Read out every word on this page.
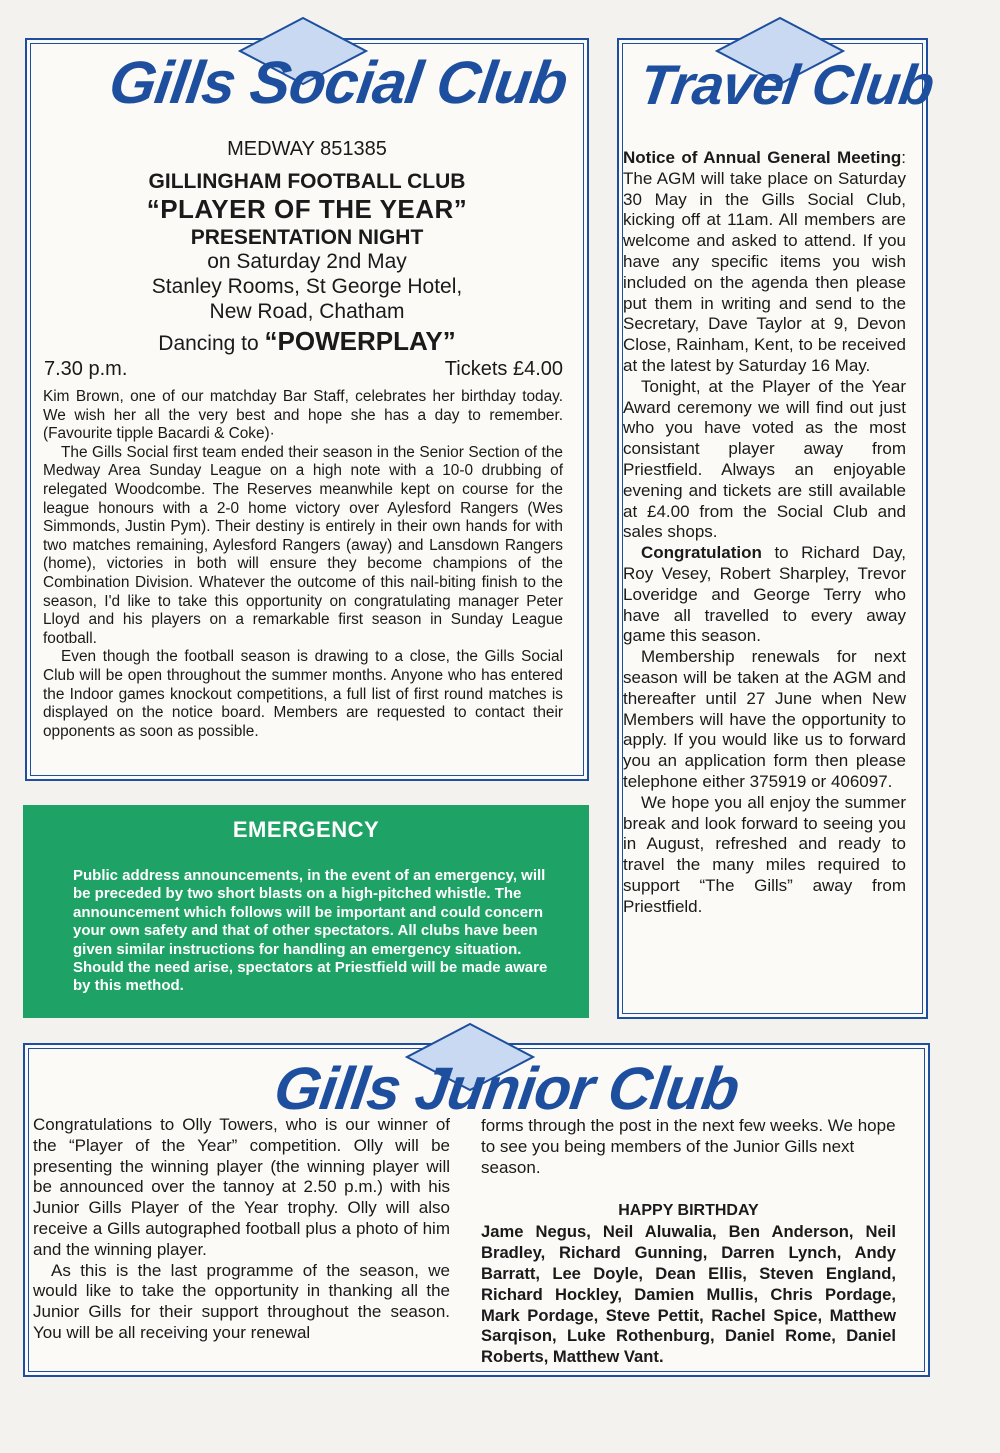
Gills Social Club
MEDWAY 851385
GILLINGHAM FOOTBALL CLUB
“PLAYER OF THE YEAR”
PRESENTATION NIGHT
on Saturday 2nd May
Stanley Rooms, St George Hotel,
New Road, Chatham
Dancing to “POWERPLAY”
7.30 p.m.	Tickets £4.00

Kim Brown, one of our matchday Bar Staff, celebrates her birthday today. We wish her all the very best and hope she has a day to remember. (Favourite tipple Bacardi & Coke)·

The Gills Social first team ended their season in the Senior Section of the Medway Area Sunday League on a high note with a 10-0 drubbing of relegated Woodcombe. The Reserves meanwhile kept on course for the league honours with a 2-0 home victory over Aylesford Rangers (Wes Simmonds, Justin Pym). Their destiny is entirely in their own hands for with two matches remaining, Aylesford Rangers (away) and Lansdown Rangers (home), victories in both will ensure they become champions of the Combination Division. Whatever the outcome of this nail-biting finish to the season, I'd like to take this opportunity on congratulating manager Peter Lloyd and his players on a remarkable first season in Sunday League football.

Even though the football season is drawing to a close, the Gills Social Club will be open throughout the summer months. Anyone who has entered the Indoor games knockout competitions, a full list of first round matches is displayed on the notice board. Members are requested to contact their opponents as soon as possible.

EMERGENCY

Public address announcements, in the event of an emergency, will be preceded by two short blasts on a high-pitched whistle. The announcement which follows will be important and could concern your own safety and that of other spectators. All clubs have been given similar instructions for handling an emergency situation. Should the need arise, spectators at Priestfield will be made aware by this method.

Travel Club

Notice of Annual General Meeting: The AGM will take place on Saturday 30 May in the Gills Social Club, kicking off at 11am. All members are welcome and asked to attend. If you have any specific items you wish included on the agenda then please put them in writing and send to the Secretary, Dave Taylor at 9, Devon Close, Rainham, Kent, to be received at the latest by Saturday 16 May.

Tonight, at the Player of the Year Award ceremony we will find out just who you have voted as the most consistant player away from Priestfield. Always an enjoyable evening and tickets are still available at £4.00 from the Social Club and sales shops.

Congratulation to Richard Day, Roy Vesey, Robert Sharpley, Trevor Loveridge and George Terry who have all travelled to every away game this season.

Membership renewals for next season will be taken at the AGM and thereafter until 27 June when New Members will have the opportunity to apply. If you would like us to forward you an application form then please telephone either 375919 or 406097.

We hope you all enjoy the summer break and look forward to seeing you in August, refreshed and ready to travel the many miles required to support “The Gills” away from Priestfield.

Gills Junior Club

Congratulations to Olly Towers, who is our winner of the “Player of the Year” competition. Olly will be presenting the winning player (the winning player will be announced over the tannoy at 2.50 p.m.) with his Junior Gills Player of the Year trophy. Olly will also receive a Gills autographed football plus a photo of him and the winning player.

As this is the last programme of the season, we would like to take the opportunity in thanking all the Junior Gills for their support throughout the season. You will be all receiving your renewal

forms through the post in the next few weeks. We hope to see you being members of the Junior Gills next season.

HAPPY BIRTHDAY

Jame Negus, Neil Aluwalia, Ben Anderson, Neil Bradley, Richard Gunning, Darren Lynch, Andy Barratt, Lee Doyle, Dean Ellis, Steven England, Richard Hockley, Damien Mullis, Chris Pordage, Mark Pordage, Steve Pettit, Rachel Spice, Matthew Sarqison, Luke Rothenburg, Daniel Rome, Daniel Roberts, Matthew Vant.
